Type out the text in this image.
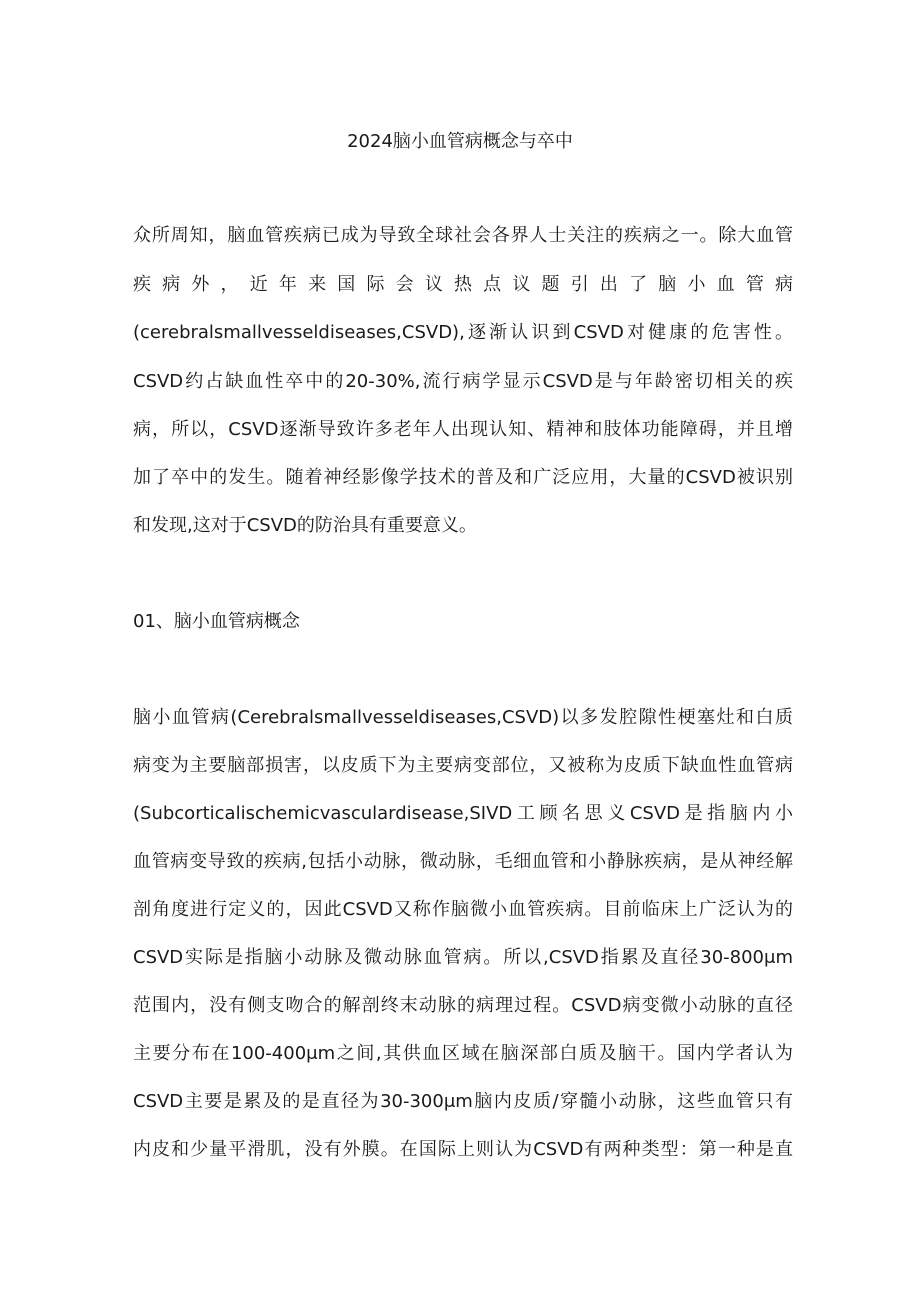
2024脑小血管病概念与卒中
众所周知，脑血管疾病已成为导致全球社会各界人士关注的疾病之一。除大血管
疾病外，近年来国际会议热点议题引出了脑小血管病
(cerebralsmallvesseldiseases,CSVD),逐渐认识到CSVD对健康的危害性。
CSVD约占缺血性卒中的20-30%,流行病学显示CSVD是与年龄密切相关的疾
病，所以，CSVD逐渐导致许多老年人出现认知、精神和肢体功能障碍，并且增
加了卒中的发生。随着神经影像学技术的普及和广泛应用，大量的CSVD被识别
和发现,这对于CSVD的防治具有重要意义。
01、脑小血管病概念
脑小血管病(Cerebralsmallvesseldiseases,CSVD)以多发腔隙性梗塞灶和白质
病变为主要脑部损害，以皮质下为主要病变部位，又被称为皮质下缺血性血管病
(Subcorticalischemicvasculardisease,SIVD工顾名思义CSVD是指脑内小
血管病变导致的疾病,包括小动脉，微动脉，毛细血管和小静脉疾病，是从神经解
剖角度进行定义的，因此CSVD又称作脑微小血管疾病。目前临床上广泛认为的
CSVD实际是指脑小动脉及微动脉血管病。所以,CSVD指累及直径30-800μm
范围内，没有侧支吻合的解剖终末动脉的病理过程。CSVD病变微小动脉的直径
主要分布在100-400μm之间,其供血区域在脑深部白质及脑干。国内学者认为
CSVD主要是累及的是直径为30-300μm脑内皮质/穿髓小动脉，这些血管只有
内皮和少量平滑肌，没有外膜。在国际上则认为CSVD有两种类型：第一种是直
